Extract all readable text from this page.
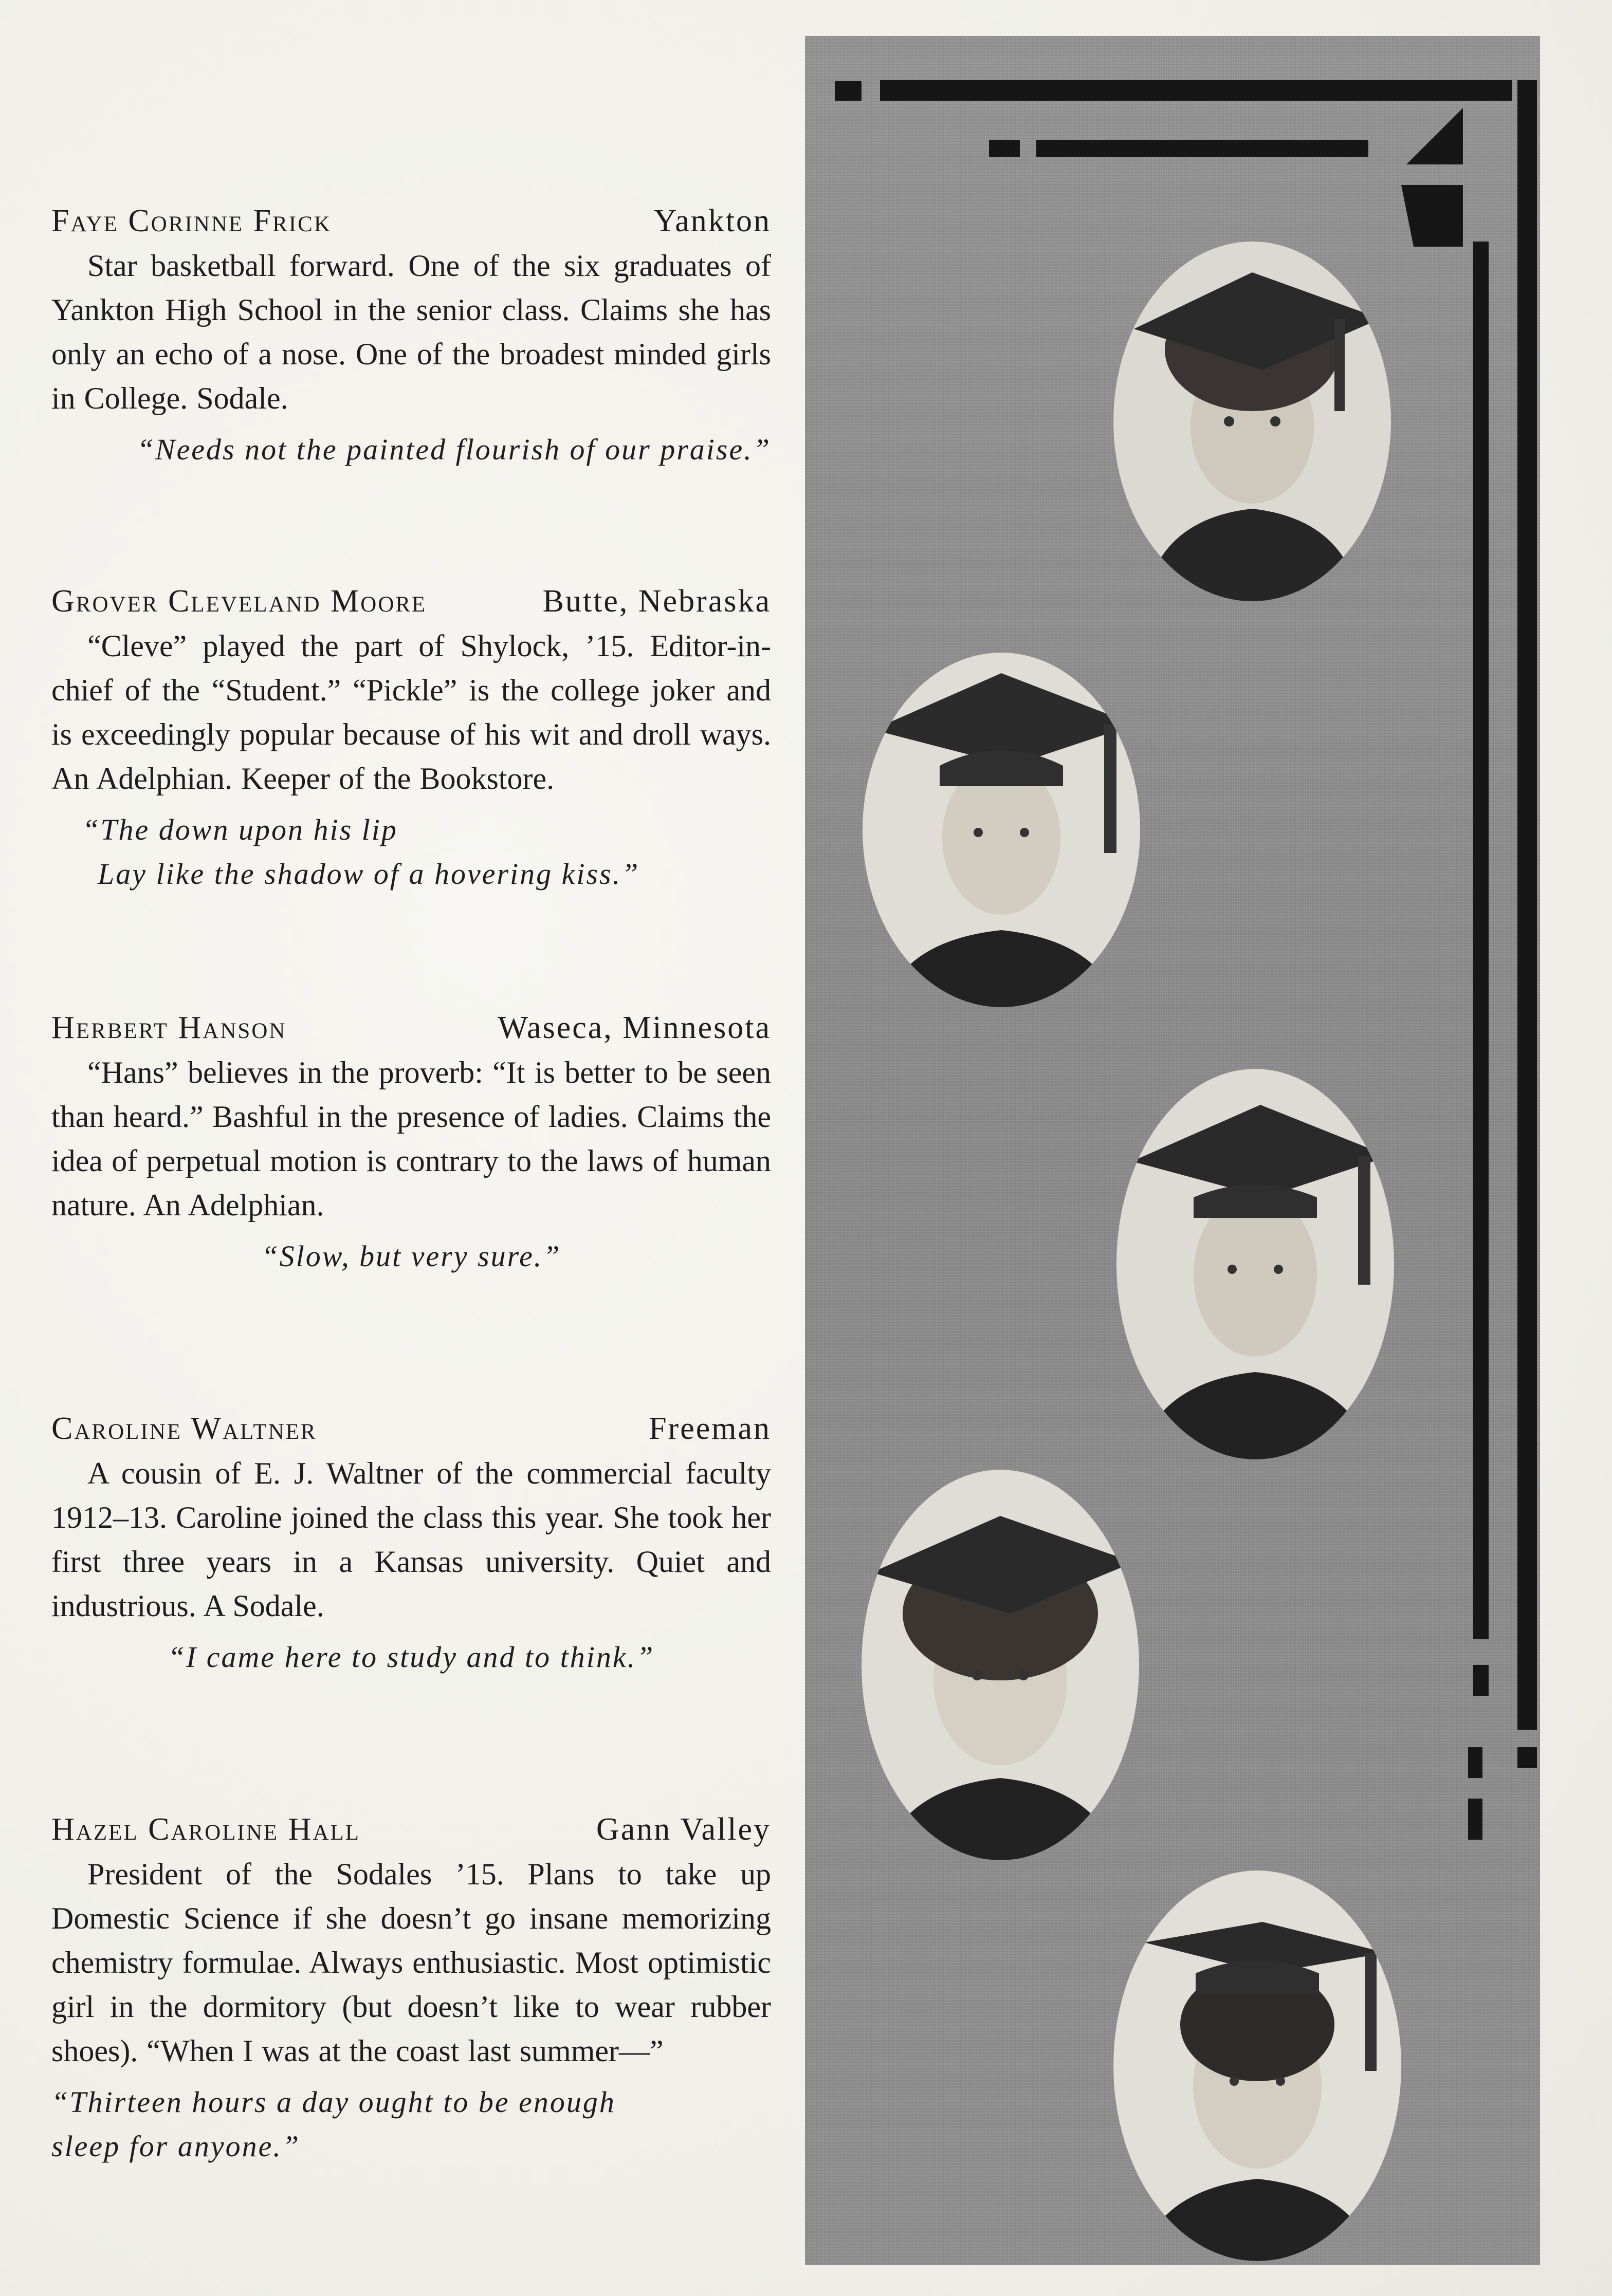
Faye Corinne Frick	Yankton
Star basketball forward. One of the six graduates of Yankton High School in the senior class. Claims she has only an echo of a nose. One of the broadest minded girls in College. Sodale.
“Needs not the painted flourish of our praise.”
Grover Cleveland Moore	Butte, Nebraska
“Cleve” played the part of Shylock, ’15. Editor-in-chief of the “Student.” “Pickle” is the college joker and is exceedingly popular because of his wit and droll ways. An Adelphian. Keeper of the Bookstore.
“The down upon his lip
Lay like the shadow of a hovering kiss.”
Herbert Hanson	Waseca, Minnesota
“Hans” believes in the proverb: “It is better to be seen than heard.” Bashful in the presence of ladies. Claims the idea of perpetual motion is contrary to the laws of human nature. An Adelphian.
“Slow, but very sure.”
Caroline Waltner	Freeman
A cousin of E. J. Waltner of the commercial faculty 1912–13. Caroline joined the class this year. She took her first three years in a Kansas university. Quiet and industrious. A Sodale.
“I came here to study and to think.”
Hazel Caroline Hall	Gann Valley
President of the Sodales ’15. Plans to take up Domestic Science if she doesn’t go insane memorizing chemistry formulae. Always enthusiastic. Most optimistic girl in the dormitory (but doesn’t like to wear rubber shoes). “When I was at the coast last summer—”
“Thirteen hours a day ought to be enough
sleep for anyone.”
